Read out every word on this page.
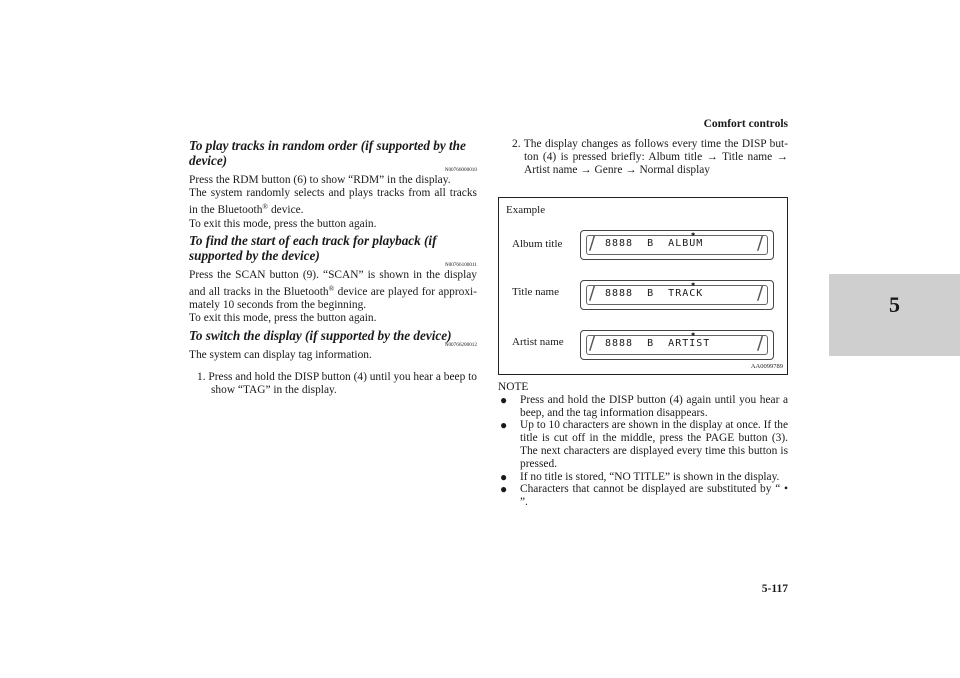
Comfort controls
5
To play tracks in random order (if supported by the device)
N00766000010

Press the RDM button (6) to show “RDM” in the display.

The system randomly selects and plays tracks from all tracks in the Bluetooth® device.

To exit this mode, press the button again.

To find the start of each track for playback (if supported by the device)
N00766100011

Press the SCAN button (9). “SCAN” is shown in the display and all tracks in the Bluetooth® device are played for approxi-mately 10 seconds from the beginning.

To exit this mode, press the button again.

To switch the display (if supported by the device)
N00766200012

The system can display tag information.

1. Press and hold the DISP button (4) until you hear a beep to show “TAG” in the display.

2. The display changes as follows every time the DISP but-ton (4) is pressed briefly: Album title → Title name → Artist name → Genre → Normal display

Example
Album title /	/
✱
8888  B  ALBUM
Title name /	/
✱
8888  B  TRACK
Artist name /	/
✱
8888  B  ARTIST
AA0099789
NOTE
● Press and hold the DISP button (4) again until you hear a beep, and the tag information disappears.
● Up to 10 characters are shown in the display at once. If the title is cut off in the middle, press the PAGE button (3). The next characters are displayed every time this button is pressed.
● If no title is stored, “NO TITLE” is shown in the display.
● Characters that cannot be displayed are substituted by “ • ”.
5-117
